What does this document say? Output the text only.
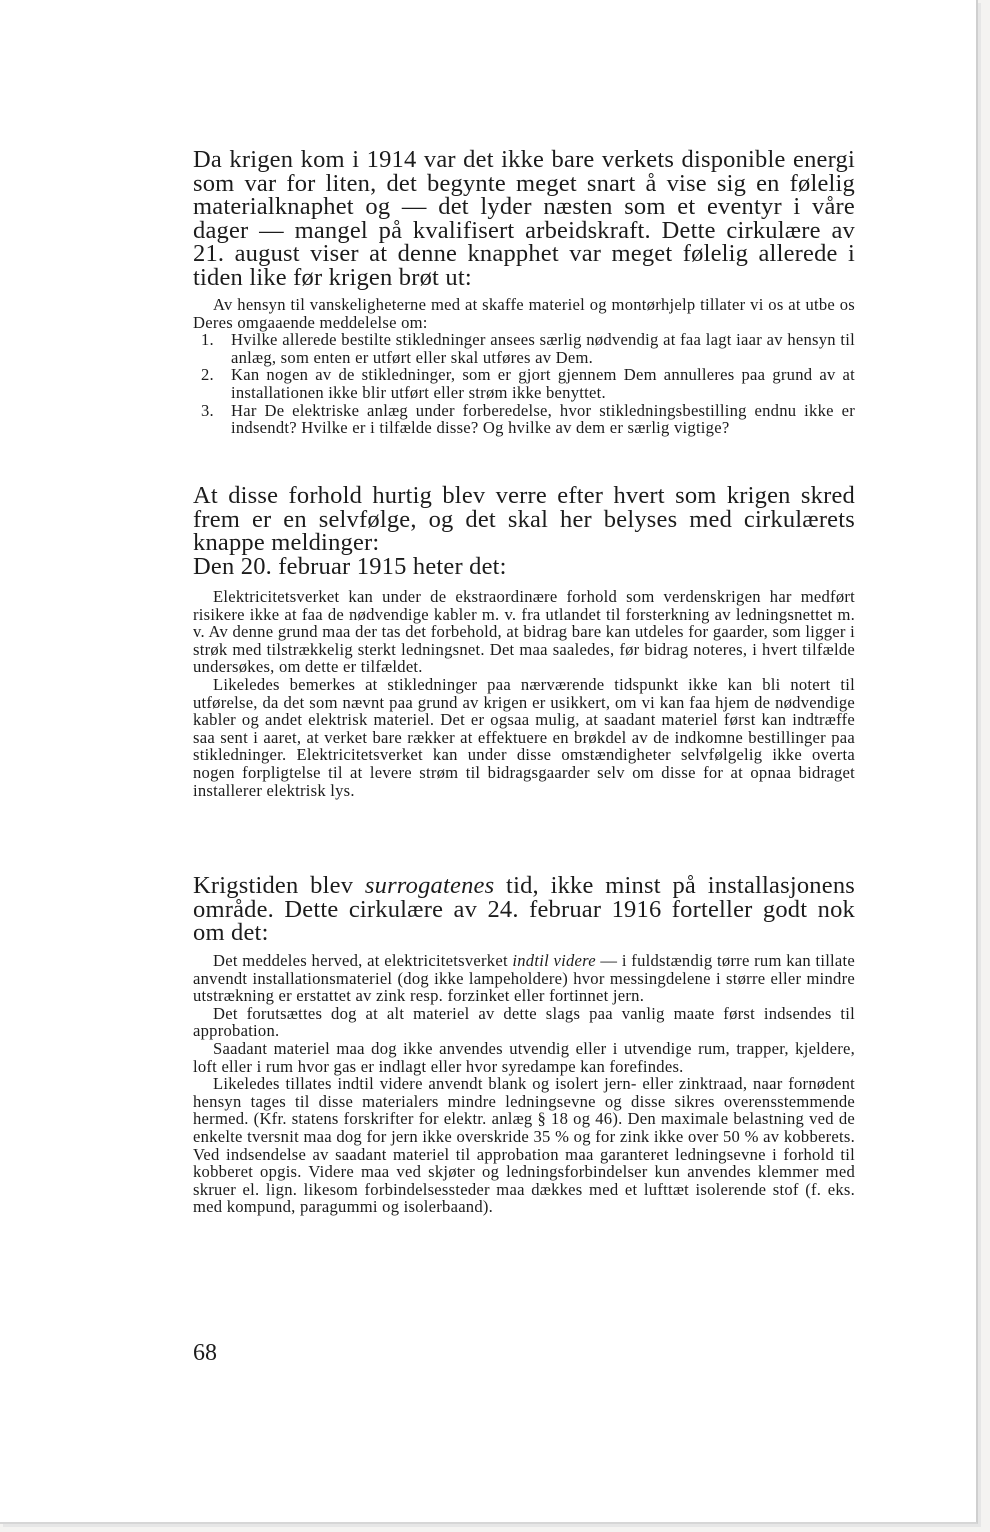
Da krigen kom i 1914 var det ikke bare verkets disponible energi som var for liten, det begynte meget snart å vise sig en følelig materialknaphet og — det lyder næsten som et eventyr i våre dager — mangel på kvalifisert arbeidskraft. Dette cirkulære av 21. august viser at denne knapphet var meget følelig allerede i tiden like før krigen brøt ut:

Av hensyn til vanskeligheterne med at skaffe materiel og montørhjelp tillater vi os at utbe os Deres omgaaende meddelelse om:

1. Hvilke allerede bestilte stikledninger ansees særlig nødvendig at faa lagt iaar av hensyn til anlæg, som enten er utført eller skal utføres av Dem.
2. Kan nogen av de stikledninger, som er gjort gjennem Dem annulleres paa grund av at installationen ikke blir utført eller strøm ikke benyttet.
3. Har De elektriske anlæg under forberedelse, hvor stikledningsbestilling endnu ikke er indsendt? Hvilke er i tilfælde disse? Og hvilke av dem er særlig vigtige?

At disse forhold hurtig blev verre efter hvert som krigen skred frem er en selvfølge, og det skal her belyses med cirkulærets knappe meldinger:

Den 20. februar 1915 heter det:

Elektricitetsverket kan under de ekstraordinære forhold som verdenskrigen har medført risikere ikke at faa de nødvendige kabler m. v. fra utlandet til forsterkning av ledningsnettet m. v. Av denne grund maa der tas det forbehold, at bidrag bare kan utdeles for gaarder, som ligger i strøk med tilstrækkelig sterkt ledningsnet. Det maa saaledes, før bidrag noteres, i hvert tilfælde undersøkes, om dette er tilfældet.

Likeledes bemerkes at stikledninger paa nærværende tidspunkt ikke kan bli notert til utførelse, da det som nævnt paa grund av krigen er usikkert, om vi kan faa hjem de nødvendige kabler og andet elektrisk materiel. Det er ogsaa mulig, at saadant materiel først kan indtræffe saa sent i aaret, at verket bare rækker at effektuere en brøkdel av de indkomne bestillinger paa stikledninger. Elektricitetsverket kan under disse omstændigheter selvfølgelig ikke overta nogen forpligtelse til at levere strøm til bidragsgaarder selv om disse for at opnaa bidraget installerer elektrisk lys.

Krigstiden blev surrogatenes tid, ikke minst på installasjonens område. Dette cirkulære av 24. februar 1916 forteller godt nok om det:

Det meddeles herved, at elektricitetsverket indtil videre — i fuldstændig tørre rum kan tillate anvendt installationsmateriel (dog ikke lampeholdere) hvor messingdelene i større eller mindre utstrækning er erstattet av zink resp. forzinket eller fortinnet jern.

Det forutsættes dog at alt materiel av dette slags paa vanlig maate først indsendes til approbation.

Saadant materiel maa dog ikke anvendes utvendig eller i utvendige rum, trapper, kjeldere, loft eller i rum hvor gas er indlagt eller hvor syredampe kan forefindes.

Likeledes tillates indtil videre anvendt blank og isolert jern- eller zinktraad, naar fornødent hensyn tages til disse materialers mindre ledningsevne og disse sikres overensstemmende hermed. (Kfr. statens forskrifter for elektr. anlæg § 18 og 46). Den maximale belastning ved de enkelte tversnit maa dog for jern ikke overskride 35 % og for zink ikke over 50 % av kobberets. Ved indsendelse av saadant materiel til approbation maa garanteret ledningsevne i forhold til kobberet opgis. Videre maa ved skjøter og ledningsforbindelser kun anvendes klemmer med skruer el. lign. likesom forbindelsessteder maa dækkes med et lufttæt isolerende stof (f. eks. med kompund, paragummi og isolerbaand).

68
